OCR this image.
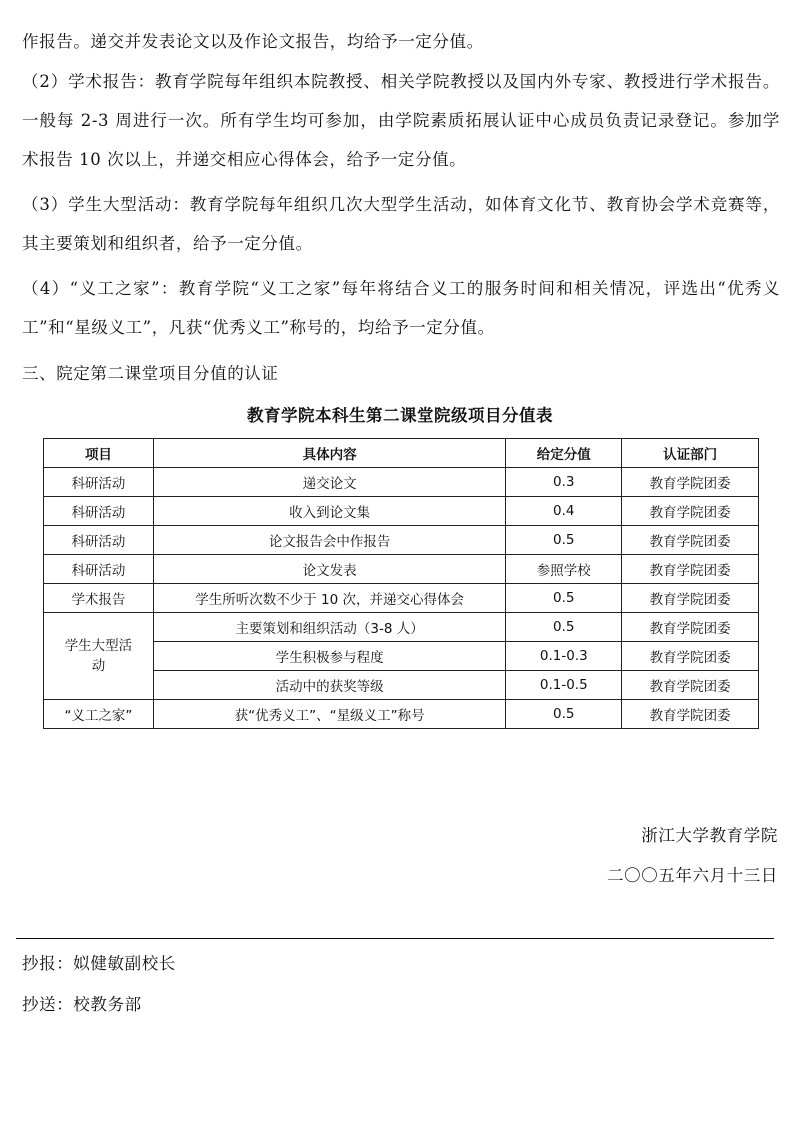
作报告。递交并发表论文以及作论文报告，均给予一定分值。

（2）学术报告：教育学院每年组织本院教授、相关学院教授以及国内外专家、教授进行学术报告。一般每 2-3 周进行一次。所有学生均可参加，由学院素质拓展认证中心成员负责记录登记。参加学术报告 10 次以上，并递交相应心得体会，给予一定分值。

（3）学生大型活动：教育学院每年组织几次大型学生活动，如体育文化节、教育协会学术竞赛等，其主要策划和组织者，给予一定分值。

（4）“义工之家”：教育学院“义工之家”每年将结合义工的服务时间和相关情况，评选出“优秀义工”和“星级义工”，凡获“优秀义工”称号的，均给予一定分值。

三、院定第二课堂项目分值的认证

教育学院本科生第二课堂院级项目分值表

项目	具体内容	给定分值	认证部门
科研活动	递交论文	0.3	教育学院团委
科研活动	收入到论文集	0.4	教育学院团委
科研活动	论文报告会中作报告	0.5	教育学院团委
科研活动	论文发表	参照学校	教育学院团委
学术报告	学生所听次数不少于 10 次，并递交心得体会	0.5	教育学院团委
学生大型活动	主要策划和组织活动（3-8 人）	0.5	教育学院团委
	学生积极参与程度	0.1-0.3	教育学院团委
	活动中的获奖等级	0.1-0.5	教育学院团委
“义工之家”	获“优秀义工”、“星级义工”称号	0.5	教育学院团委
浙江大学教育学院
二〇〇五年六月十三日
抄报：姒健敏副校长
抄送：校教务部
